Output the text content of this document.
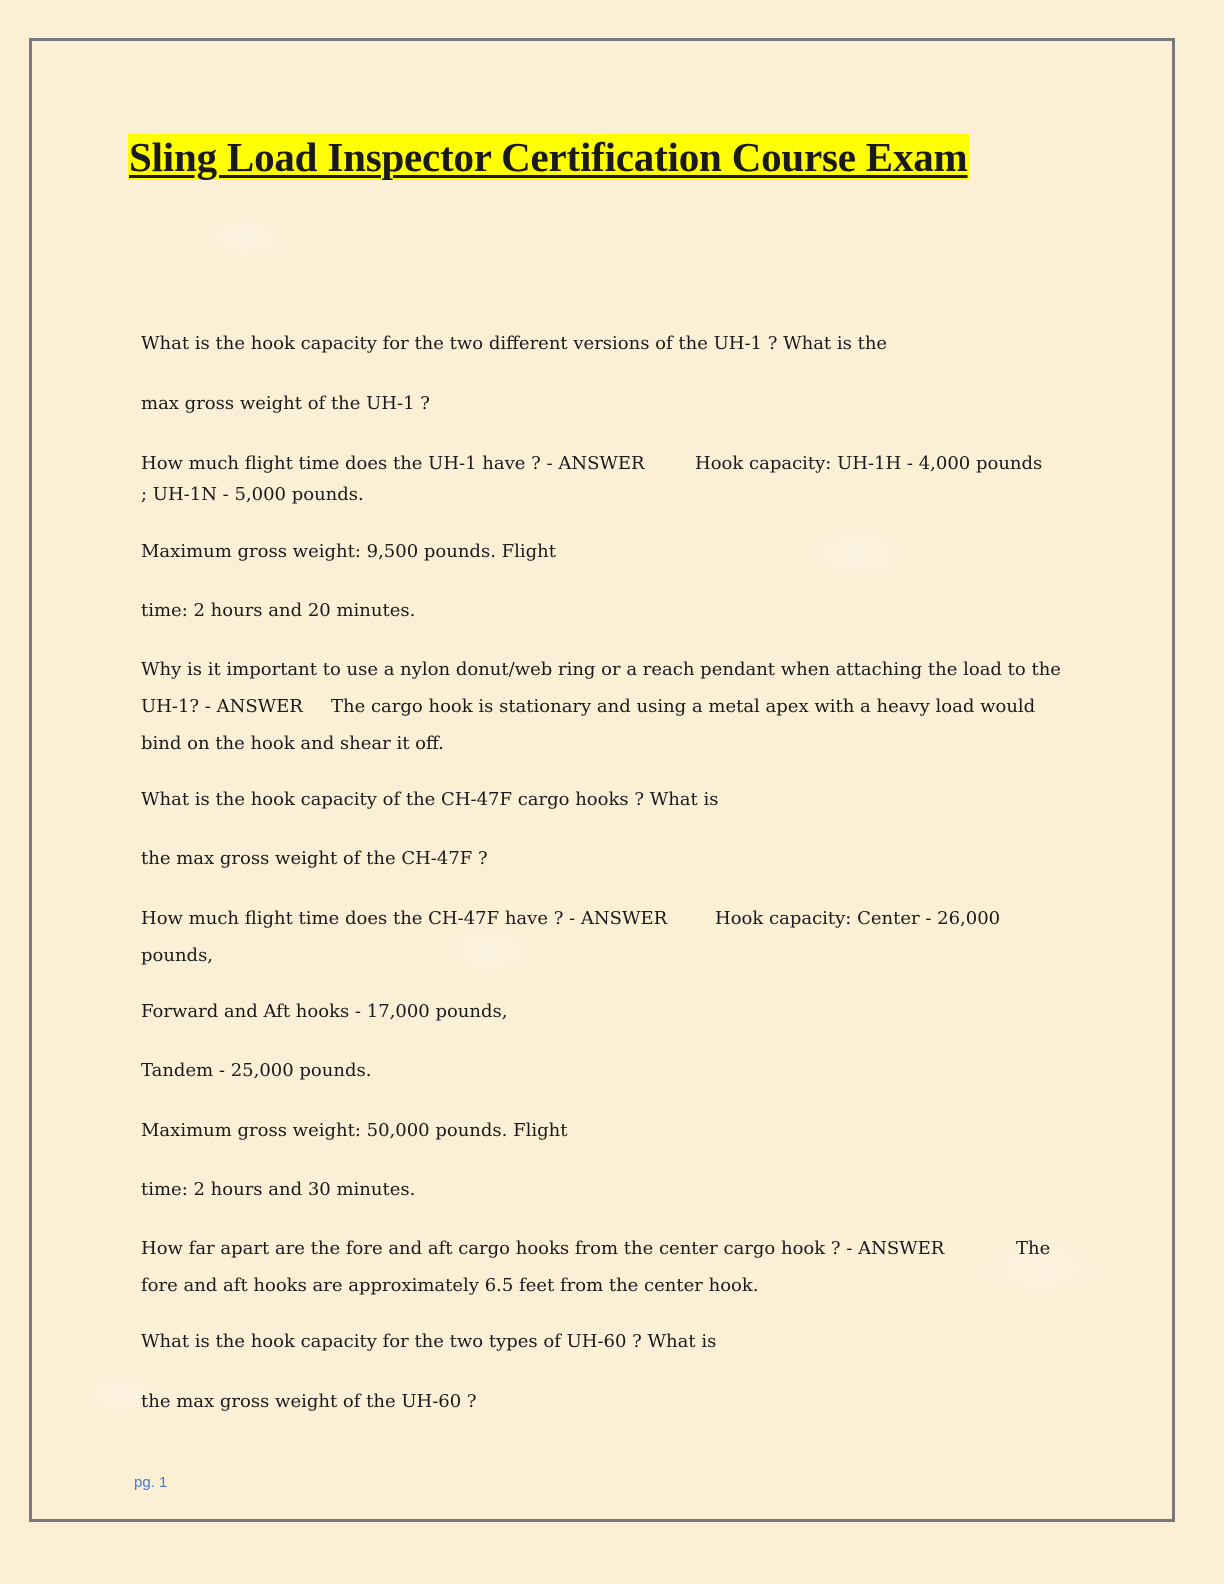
Sling Load Inspector Certification Course Exam

What is the hook capacity for the two different versions of the UH-1 ? What is the

max gross weight of the UH-1 ?

How much flight time does the UH-1 have ? - ANSWER	Hook capacity: UH-1H - 4,000 pounds

; UH-1N - 5,000 pounds.

Maximum gross weight: 9,500 pounds. Flight

time: 2 hours and 20 minutes.

Why is it important to use a nylon donut/web ring or a reach pendant when attaching the load to the

UH-1? - ANSWER The cargo hook is stationary and using a metal apex with a heavy load would

bind on the hook and shear it off.

What is the hook capacity of the CH-47F cargo hooks ? What is

the max gross weight of the CH-47F ?

How much flight time does the CH-47F have ? - ANSWER	Hook capacity: Center - 26,000

pounds,

Forward and Aft hooks - 17,000 pounds,

Tandem - 25,000 pounds.

Maximum gross weight: 50,000 pounds. Flight

time: 2 hours and 30 minutes.

How far apart are the fore and aft cargo hooks from the center cargo hook ? - ANSWER	The

fore and aft hooks are approximately 6.5 feet from the center hook.

What is the hook capacity for the two types of UH-60 ? What is

the max gross weight of the UH-60 ?

pg. 1
